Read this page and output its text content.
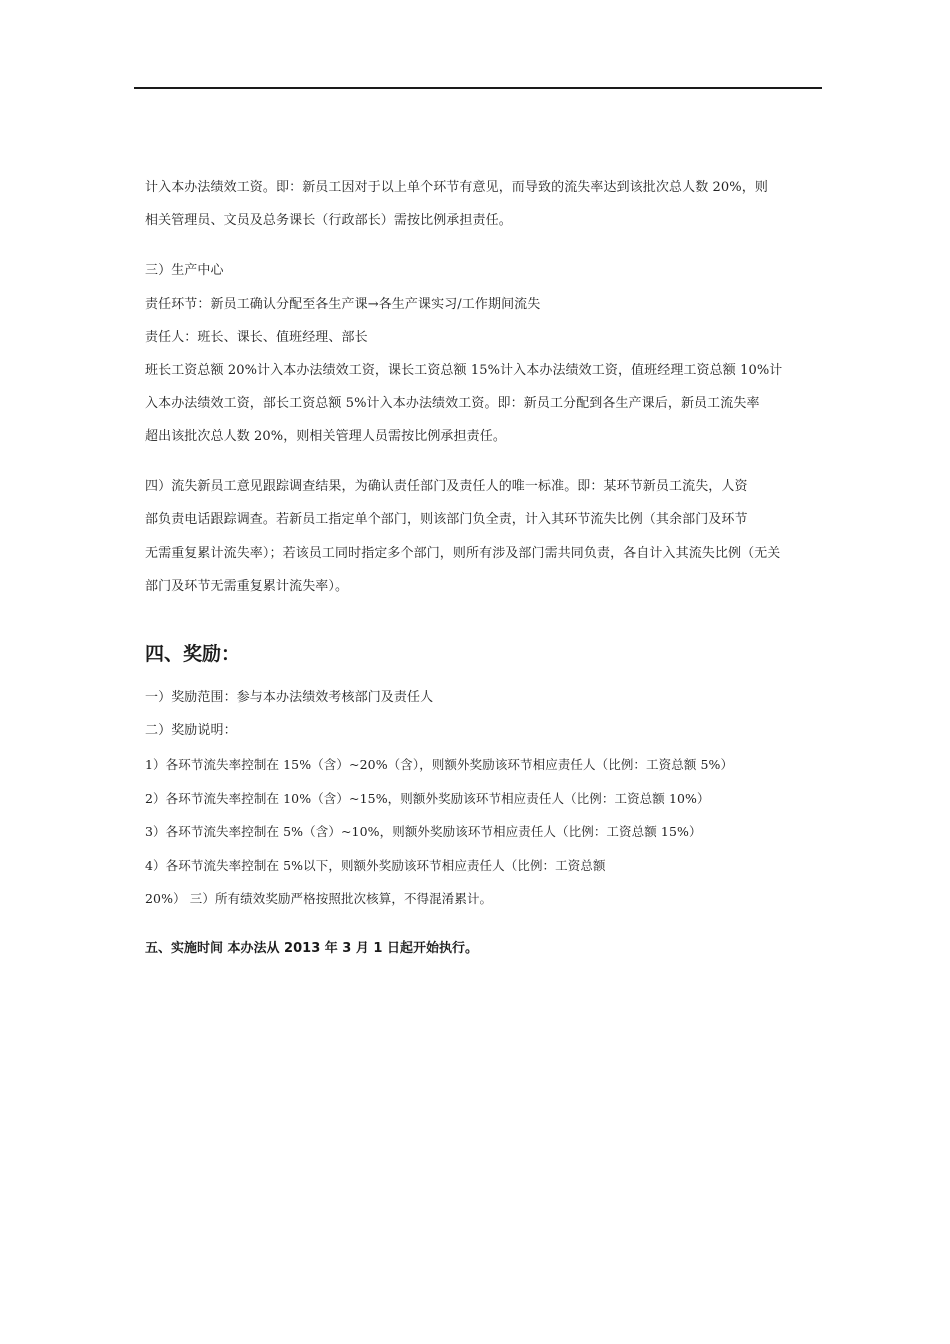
计入本办法绩效工资。即：新员工因对于以上单个环节有意见，而导致的流失率达到该批次总人数 20%，则
相关管理员、文员及总务课长（行政部长）需按比例承担责任。
三）生产中心
责任环节：新员工确认分配至各生产课→各生产课实习/工作期间流失
责任人：班长、课长、值班经理、部长
班长工资总额 20%计入本办法绩效工资，课长工资总额 15%计入本办法绩效工资，值班经理工资总额 10%计
入本办法绩效工资，部长工资总额 5%计入本办法绩效工资。即：新员工分配到各生产课后，新员工流失率
超出该批次总人数 20%，则相关管理人员需按比例承担责任。
四）流失新员工意见跟踪调查结果，为确认责任部门及责任人的唯一标准。即：某环节新员工流失，人资
部负责电话跟踪调查。若新员工指定单个部门，则该部门负全责，计入其环节流失比例（其余部门及环节
无需重复累计流失率）；若该员工同时指定多个部门，则所有涉及部门需共同负责，各自计入其流失比例（无关
部门及环节无需重复累计流失率）。
四、奖励：
一）奖励范围：参与本办法绩效考核部门及责任人
二）奖励说明：
1）各环节流失率控制在 15%（含）~20%（含），则额外奖励该环节相应责任人（比例：工资总额 5%）
2）各环节流失率控制在 10%（含）~15%，则额外奖励该环节相应责任人（比例：工资总额 10%）
3）各环节流失率控制在 5%（含）~10%，则额外奖励该环节相应责任人（比例：工资总额 15%）
4）各环节流失率控制在 5%以下，则额外奖励该环节相应责任人（比例：工资总额
20%） 三）所有绩效奖励严格按照批次核算，不得混淆累计。
五、实施时间 本办法从 2013 年 3 月 1 日起开始执行。
